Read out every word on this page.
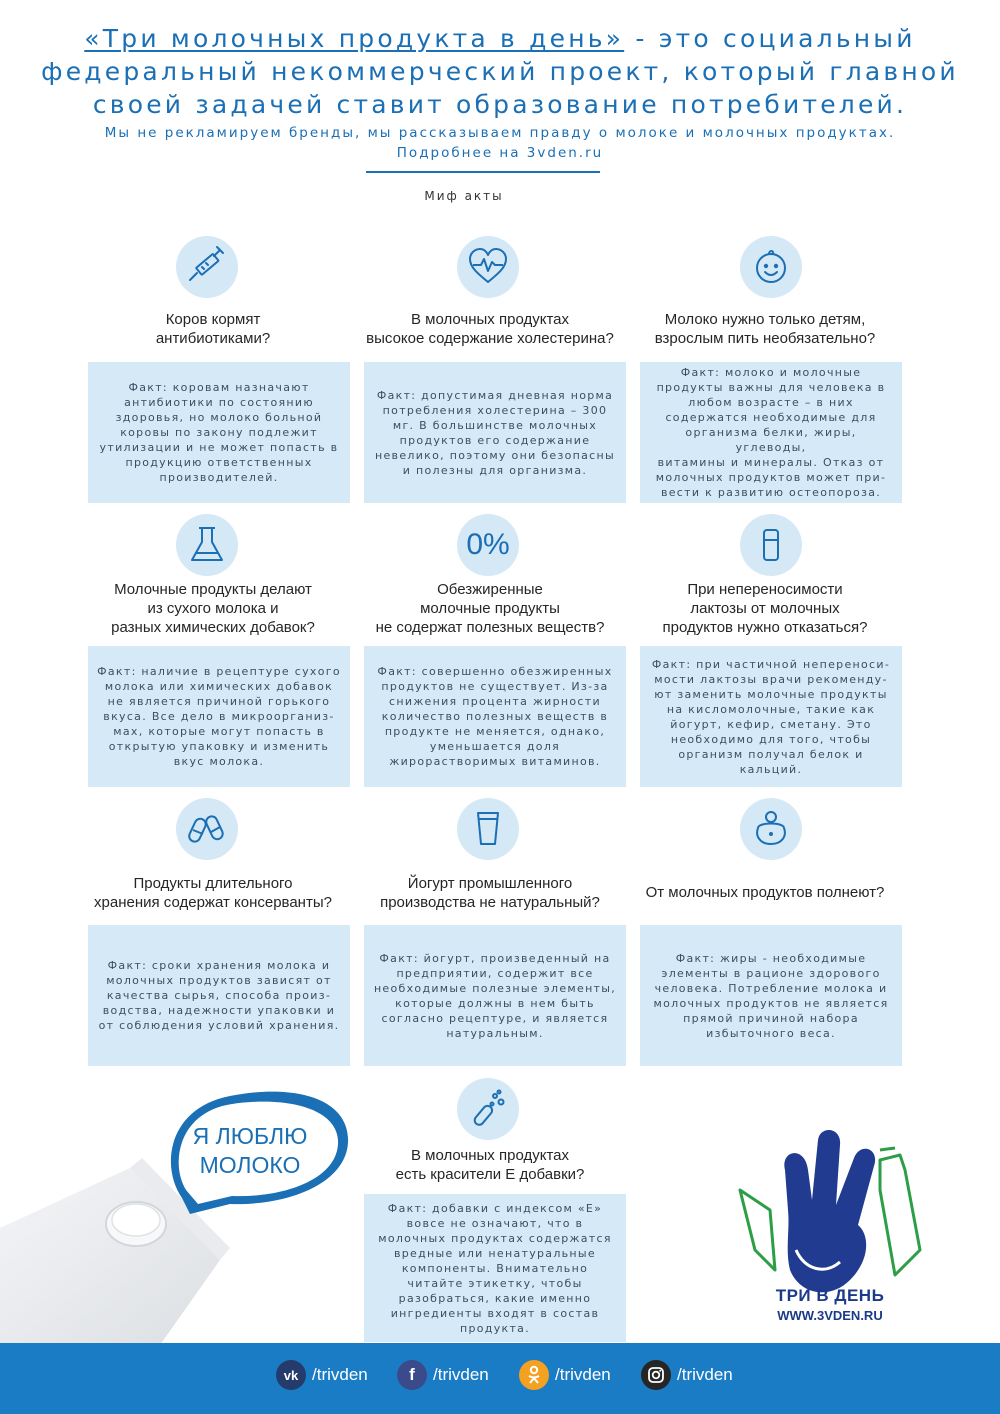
«Три молочных продукта в день» - это социальный
федеральный некоммерческий проект, который главной
своей задачей ставит образование потребителей.
Мы не рекламируем бренды, мы рассказываем правду о молоке и молочных продуктах.
Подробнее на 3vden.ru
Миф акты
Коров кормят
антибиотиками?
Факт: коровам назначают
антибиотики по состоянию
здоровья, но молоко больной
коровы по закону подлежит
утилизации и не может попасть в
продукцию ответственных
производителей.
В молочных продуктах
высокое содержание холестерина?
Факт: допустимая дневная норма
потребления холестерина – 300
мг. В большинстве молочных
продуктов его содержание
невелико, поэтому они безопасны
и полезны для организма.
Молоко нужно только детям,
взрослым пить необязательно?
Факт: молоко и молочные
продукты важны для человека в
любом возрасте – в них
содержатся необходимые для
организма белки, жиры, углеводы,
витамины и минералы. Отказ от
молочных продуктов может при-
вести к развитию остеопороза.
Молочные продукты делают
из сухого молока и
разных химических добавок?
Факт: наличие в рецептуре сухого
молока или химических добавок
не является причиной горького
вкуса. Все дело в микроорганиз-
мах, которые могут попасть в
открытую упаковку и изменить
вкус молока.
0%
Обезжиренные
молочные продукты
не содержат полезных веществ?
Факт: совершенно обезжиренных
продуктов не существует. Из-за
снижения процента жирности
количество полезных веществ в
продукте не меняется, однако,
уменьшается доля
жирорастворимых витаминов.
При непереносимости
лактозы от молочных
продуктов нужно отказаться?
Факт: при частичной непереноси-
мости лактозы врачи рекоменду-
ют заменить молочные продукты
на кисломолочные, такие как
йогурт, кефир, сметану. Это
необходимо для того, чтобы
организм получал белок и
кальций.
Продукты длительного
хранения содержат консерванты?
Факт: сроки хранения молока и
молочных продуктов зависят от
качества сырья, способа произ-
водства, надежности упаковки и
от соблюдения условий хранения.
Йогурт промышленного
производства не натуральный?
Факт: йогурт, произведенный на
предприятии, содержит все
необходимые полезные элементы,
которые должны в нем быть
согласно рецептуре, и является
натуральным.
От молочных продуктов полнеют?
Факт: жиры - необходимые
элементы в рационе здорового
человека. Потребление молока и
молочных продуктов не является
прямой причиной набора
избыточного веса.
В молочных продуктах
есть красители Е добавки?
Факт: добавки с индексом «Е»
вовсе не означают, что в
молочных продуктах содержатся
вредные или ненатуральные
компоненты. Внимательно
читайте этикетку, чтобы
разобраться, какие именно
ингредиенты входят в состав
продукта.
Я ЛЮБЛЮ
МОЛОКО
ТРИ В ДЕНЬ
WWW.3VDEN.RU
vk /trivden f /trivden	/trivden	/trivden
